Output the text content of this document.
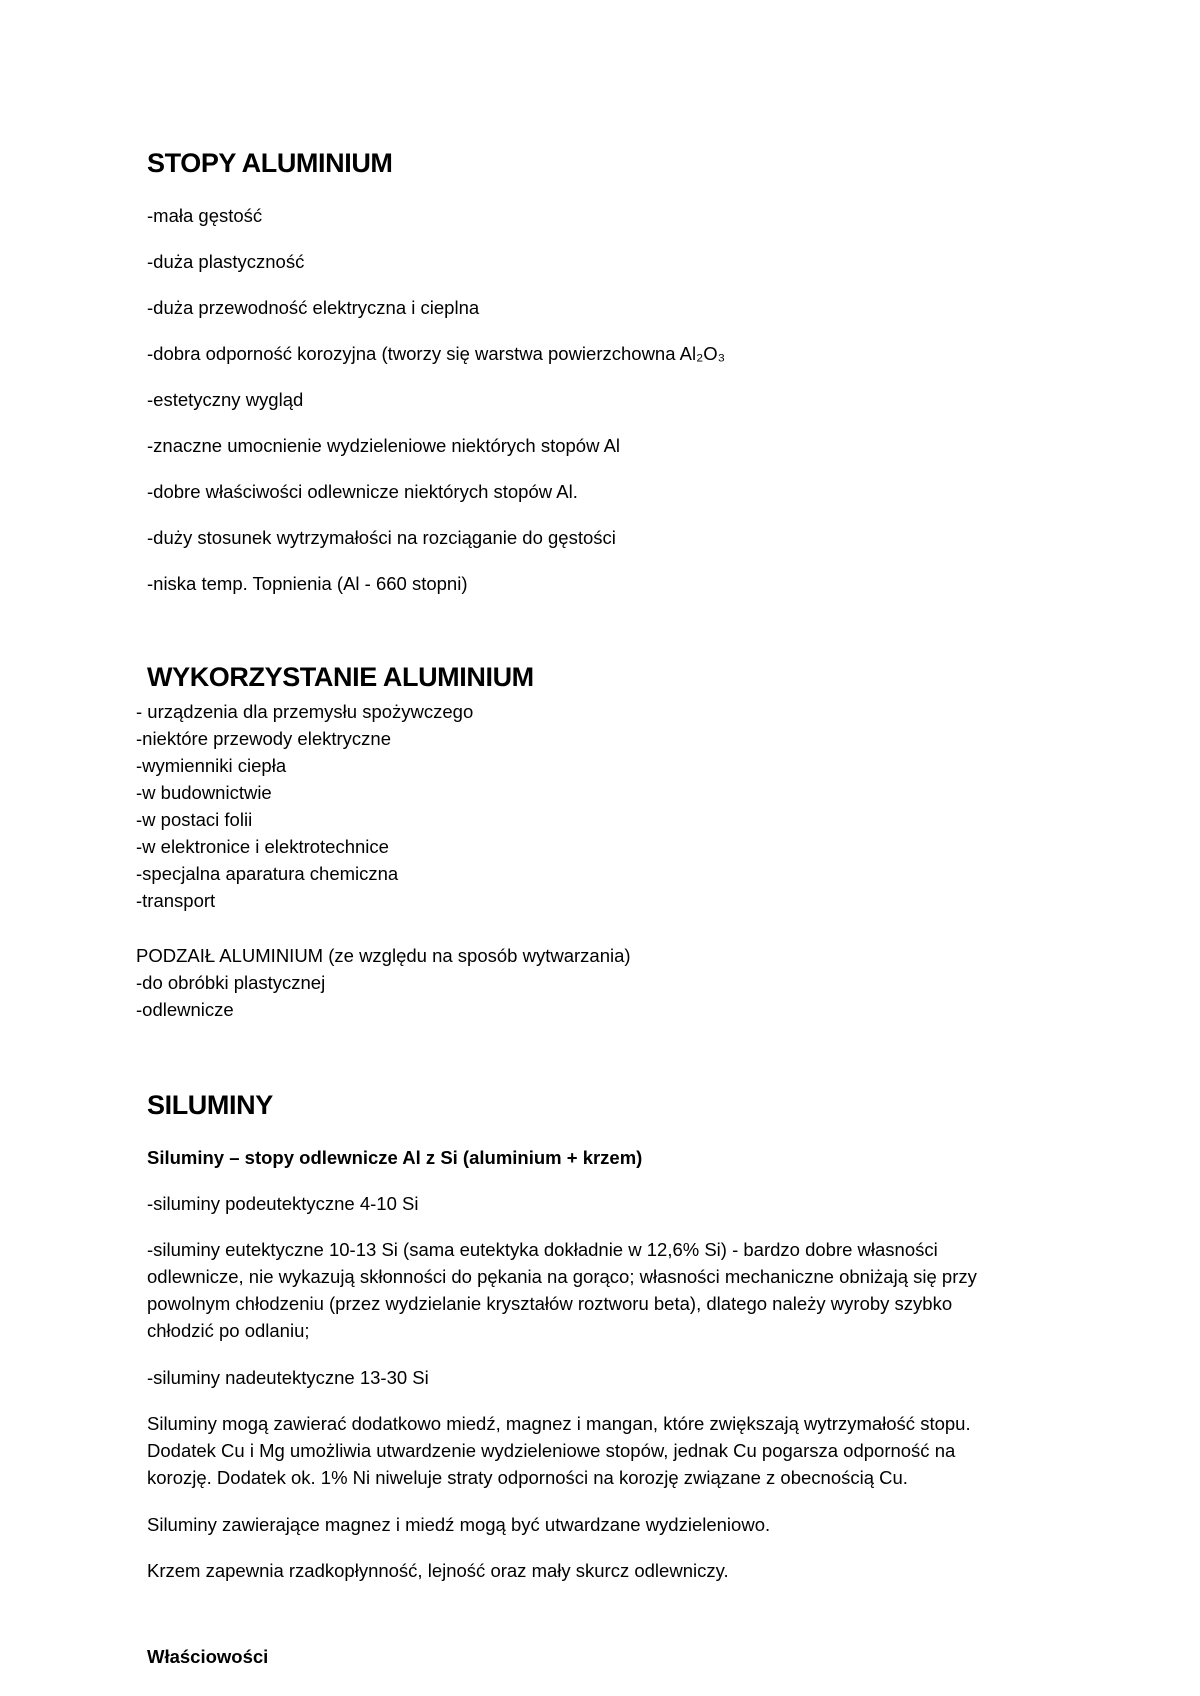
STOPY ALUMINIUM
-mała gęstość
-duża plastyczność
-duża przewodność elektryczna i cieplna
-dobra odporność korozyjna (tworzy się warstwa powierzchowna Al₂O₃
-estetyczny wygląd
-znaczne umocnienie wydzieleniowe niektórych stopów Al
-dobre właściwości odlewnicze niektórych stopów Al.
-duży stosunek wytrzymałości na rozciąganie do gęstości
-niska temp. Topnienia (Al - 660 stopni)
WYKORZYSTANIE ALUMINIUM
- urządzenia dla przemysłu spożywczego
-niektóre przewody elektryczne
-wymienniki ciepła
-w budownictwie
-w postaci folii
-w elektronice i elektrotechnice
-specjalna aparatura chemiczna
-transport
PODZAIŁ ALUMINIUM (ze względu na sposób wytwarzania)
-do obróbki plastycznej
-odlewnicze
SILUMINY
Siluminy – stopy odlewnicze Al z Si (aluminium + krzem)
-siluminy podeutektyczne 4-10 Si
-siluminy eutektyczne 10-13 Si (sama eutektyka dokładnie w 12,6% Si) - bardzo dobre własności
odlewnicze, nie wykazują skłonności do pękania na gorąco; własności mechaniczne obniżają się przy
powolnym chłodzeniu (przez wydzielanie kryształów roztworu beta), dlatego należy wyroby szybko
chłodzić po odlaniu;
-siluminy nadeutektyczne 13-30 Si
Siluminy mogą zawierać dodatkowo miedź, magnez i mangan, które zwiększają wytrzymałość stopu.
Dodatek Cu i Mg umożliwia utwardzenie wydzieleniowe stopów, jednak Cu pogarsza odporność na
korozję. Dodatek ok. 1% Ni niweluje straty odporności na korozję związane z obecnością Cu.
Siluminy zawierające magnez i miedź mogą być utwardzane wydzieleniowo.
Krzem zapewnia rzadkopłynność, lejność oraz mały skurcz odlewniczy.
Właściowości
